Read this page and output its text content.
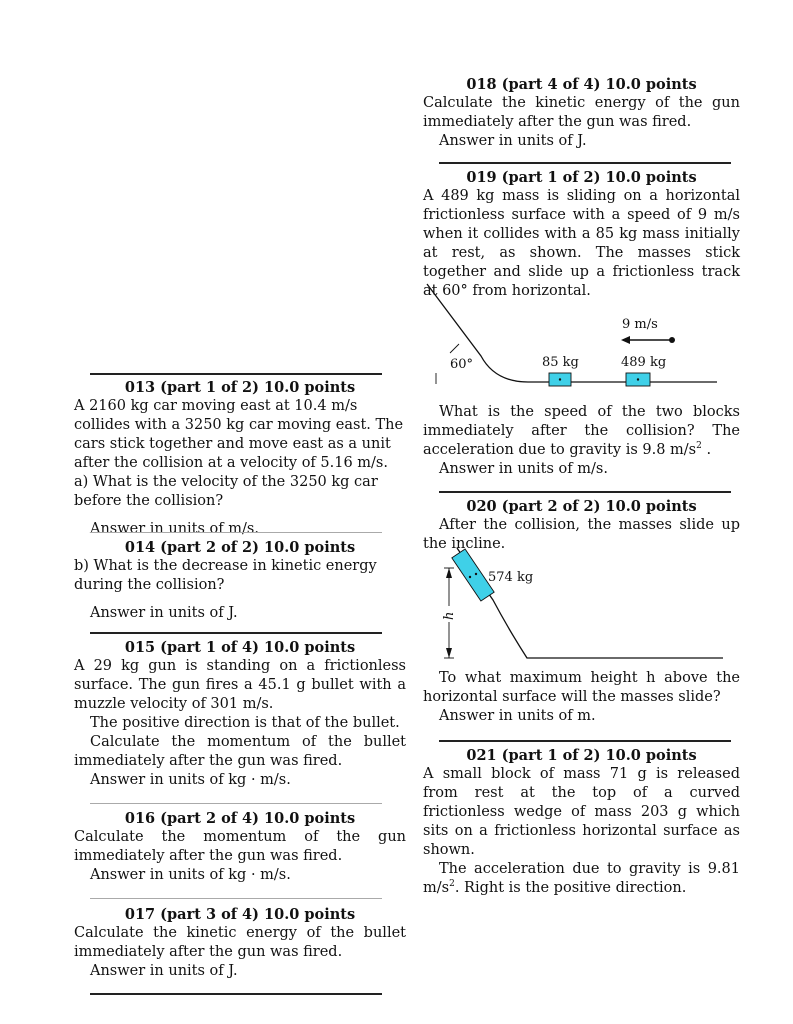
018 (part 4 of 4) 10.0 points
Calculate the kinetic energy of the gun immediately after the gun was fired.
Answer in units of J.
019 (part 1 of 2) 10.0 points
A 489 kg mass is sliding on a horizontal frictionless surface with a speed of 9 m/s when it collides with a 85 kg mass initially at rest, as shown. The masses stick together and slide up a frictionless track at 60° from horizontal.
9 m/s
60°	85 kg	489 kg
What is the speed of the two blocks immediately after the collision? The acceleration due to gravity is 9.8 $m/s^2$ .
Answer in units of m/s.
020 (part 2 of 2) 10.0 points
After the collision, the masses slide up the incline.
574 kg
h
To what maximum height h above the horizontal surface will the masses slide?
Answer in units of m.
021 (part 1 of 2) 10.0 points
A small block of mass 71 g is released from rest at the top of a curved frictionless wedge of mass 203 g which sits on a frictionless horizontal surface as shown.
The acceleration due to gravity is 9.81 $m/s^2$. Right is the positive direction.
013 (part 1 of 2) 10.0 points
A 2160 kg car moving east at 10.4 m/s collides with a 3250 kg car moving east. The cars stick together and move east as a unit after the collision at a velocity of 5.16 m/s. a) What is the velocity of the 3250 kg car before the collision?
Answer in units of m/s.
014 (part 2 of 2) 10.0 points
b) What is the decrease in kinetic energy during the collision?
Answer in units of J.
015 (part 1 of 4) 10.0 points
A 29 kg gun is standing on a frictionless surface. The gun fires a 45.1 g bullet with a muzzle velocity of 301 m/s.
The positive direction is that of the bullet.
Calculate the momentum of the bullet immediately after the gun was fired.
Answer in units of kg · m/s.
016 (part 2 of 4) 10.0 points
Calculate the momentum of the gun immediately after the gun was fired.
Answer in units of kg · m/s.
017 (part 3 of 4) 10.0 points
Calculate the kinetic energy of the bullet immediately after the gun was fired.
Answer in units of J.
